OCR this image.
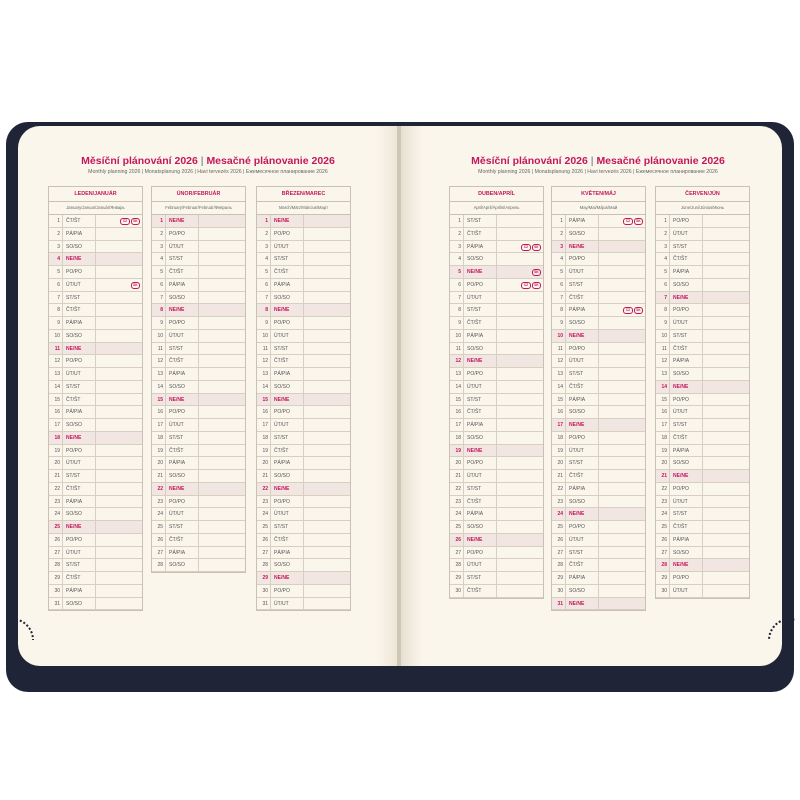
Měsíční plánování 2026 | Mesačné plánovanie 2026
Monthly planning 2026 | Monatsplanung 2026 | Havi tervezés 2026 | Ежемесячное планирование 2026
Měsíční plánování 2026 | Mesačné plánovanie 2026
Monthly planning 2026 | Monatsplanung 2026 | Havi tervezés 2026 | Ежемесячное планирование 2026
LEDEN/JANUÁR
January/Januar/Január/Январь
1	ČT/ŠT	CZ SK
2	PÁ/PIA
3	SO/SO
4	NE/NE
5	PO/PO
6	ÚT/UT	SK
7	ST/ST
8	ČT/ŠT
9	PÁ/PIA
10	SO/SO
11	NE/NE
12	PO/PO
13	ÚT/UT
14	ST/ST
15	ČT/ŠT
16	PÁ/PIA
17	SO/SO
18	NE/NE
19	PO/PO
20	ÚT/UT
21	ST/ST
22	ČT/ŠT
23	PÁ/PIA
24	SO/SO
25	NE/NE
26	PO/PO
27	ÚT/UT
28	ST/ST
29	ČT/ŠT
30	PÁ/PIA
31	SO/SO
ÚNOR/FEBRUÁR
February/Februar/Február/Февраль
1	NE/NE
2	PO/PO
3	ÚT/UT
4	ST/ST
5	ČT/ŠT
6	PÁ/PIA
7	SO/SO
8	NE/NE
9	PO/PO
10	ÚT/UT
11	ST/ST
12	ČT/ŠT
13	PÁ/PIA
14	SO/SO
15	NE/NE
16	PO/PO
17	ÚT/UT
18	ST/ST
19	ČT/ŠT
20	PÁ/PIA
21	SO/SO
22	NE/NE
23	PO/PO
24	ÚT/UT
25	ST/ST
26	ČT/ŠT
27	PÁ/PIA
28	SO/SO
BŘEZEN/MAREC
March/März/Március/Март
1	NE/NE
2	PO/PO
3	ÚT/UT
4	ST/ST
5	ČT/ŠT
6	PÁ/PIA
7	SO/SO
8	NE/NE
9	PO/PO
10	ÚT/UT
11	ST/ST
12	ČT/ŠT
13	PÁ/PIA
14	SO/SO
15	NE/NE
16	PO/PO
17	ÚT/UT
18	ST/ST
19	ČT/ŠT
20	PÁ/PIA
21	SO/SO
22	NE/NE
23	PO/PO
24	ÚT/UT
25	ST/ST
26	ČT/ŠT
27	PÁ/PIA
28	SO/SO
29	NE/NE
30	PO/PO
31	ÚT/UT
DUBEN/APRÍL
April/April/Április/Апрель
1	ST/ST
2	ČT/ŠT
3	PÁ/PIA	CZ SK
4	SO/SO
5	NE/NE	SK
6	PO/PO	CZ SK
7	ÚT/UT
8	ST/ST
9	ČT/ŠT
10	PÁ/PIA
11	SO/SO
12	NE/NE
13	PO/PO
14	ÚT/UT
15	ST/ST
16	ČT/ŠT
17	PÁ/PIA
18	SO/SO
19	NE/NE
20	PO/PO
21	ÚT/UT
22	ST/ST
23	ČT/ŠT
24	PÁ/PIA
25	SO/SO
26	NE/NE
27	PO/PO
28	ÚT/UT
29	ST/ST
30	ČT/ŠT
KVĚTEN/MÁJ
May/Mai/Május/Май
1	PÁ/PIA	CZ SK
2	SO/SO
3	NE/NE
4	PO/PO
5	ÚT/UT
6	ST/ST
7	ČT/ŠT
8	PÁ/PIA	CZ SK
9	SO/SO
10	NE/NE
11	PO/PO
12	ÚT/UT
13	ST/ST
14	ČT/ŠT
15	PÁ/PIA
16	SO/SO
17	NE/NE
18	PO/PO
19	ÚT/UT
20	ST/ST
21	ČT/ŠT
22	PÁ/PIA
23	SO/SO
24	NE/NE
25	PO/PO
26	ÚT/UT
27	ST/ST
28	ČT/ŠT
29	PÁ/PIA
30	SO/SO
31	NE/NE
ČERVEN/JÚN
June/Juni/Június/Июнь
1	PO/PO
2	ÚT/UT
3	ST/ST
4	ČT/ŠT
5	PÁ/PIA
6	SO/SO
7	NE/NE
8	PO/PO
9	ÚT/UT
10	ST/ST
11	ČT/ŠT
12	PÁ/PIA
13	SO/SO
14	NE/NE
15	PO/PO
16	ÚT/UT
17	ST/ST
18	ČT/ŠT
19	PÁ/PIA
20	SO/SO
21	NE/NE
22	PO/PO
23	ÚT/UT
24	ST/ST
25	ČT/ŠT
26	PÁ/PIA
27	SO/SO
28	NE/NE
29	PO/PO
30	ÚT/UT
